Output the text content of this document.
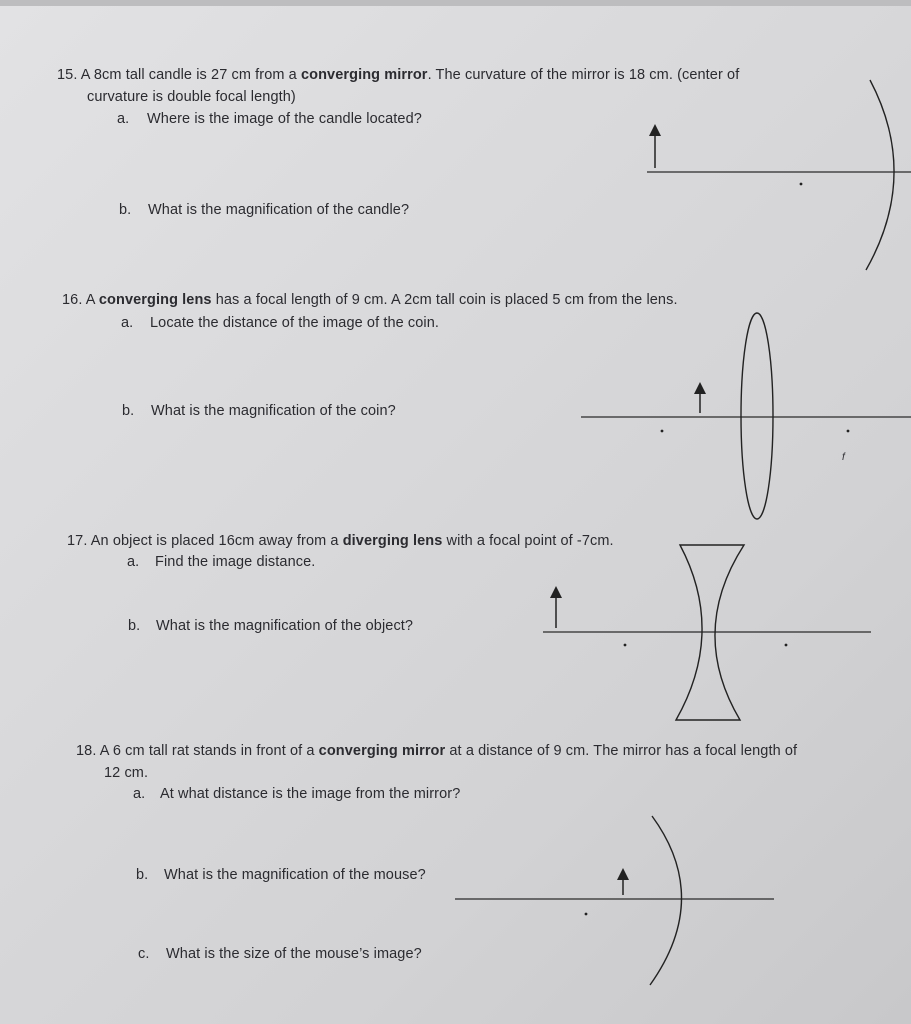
15. A 8cm tall candle is 27 cm from a converging mirror. The curvature of the mirror is 18 cm. (center of
curvature is double focal length)
a. Where is the image of the candle located?
b. What is the magnification of the candle?
16. A converging lens has a focal length of 9 cm. A 2cm tall coin is placed 5 cm from the lens.
a. Locate the distance of the image of the coin.
b. What is the magnification of the coin?
f
17. An object is placed 16cm away from a diverging lens with a focal point of -7cm.
a. Find the image distance.
b. What is the magnification of the object?
18. A 6 cm tall rat stands in front of a converging mirror at a distance of 9 cm. The mirror has a focal length of
12 cm.
a. At what distance is the image from the mirror?
b. What is the magnification of the mouse?
c. What is the size of the mouse’s image?
